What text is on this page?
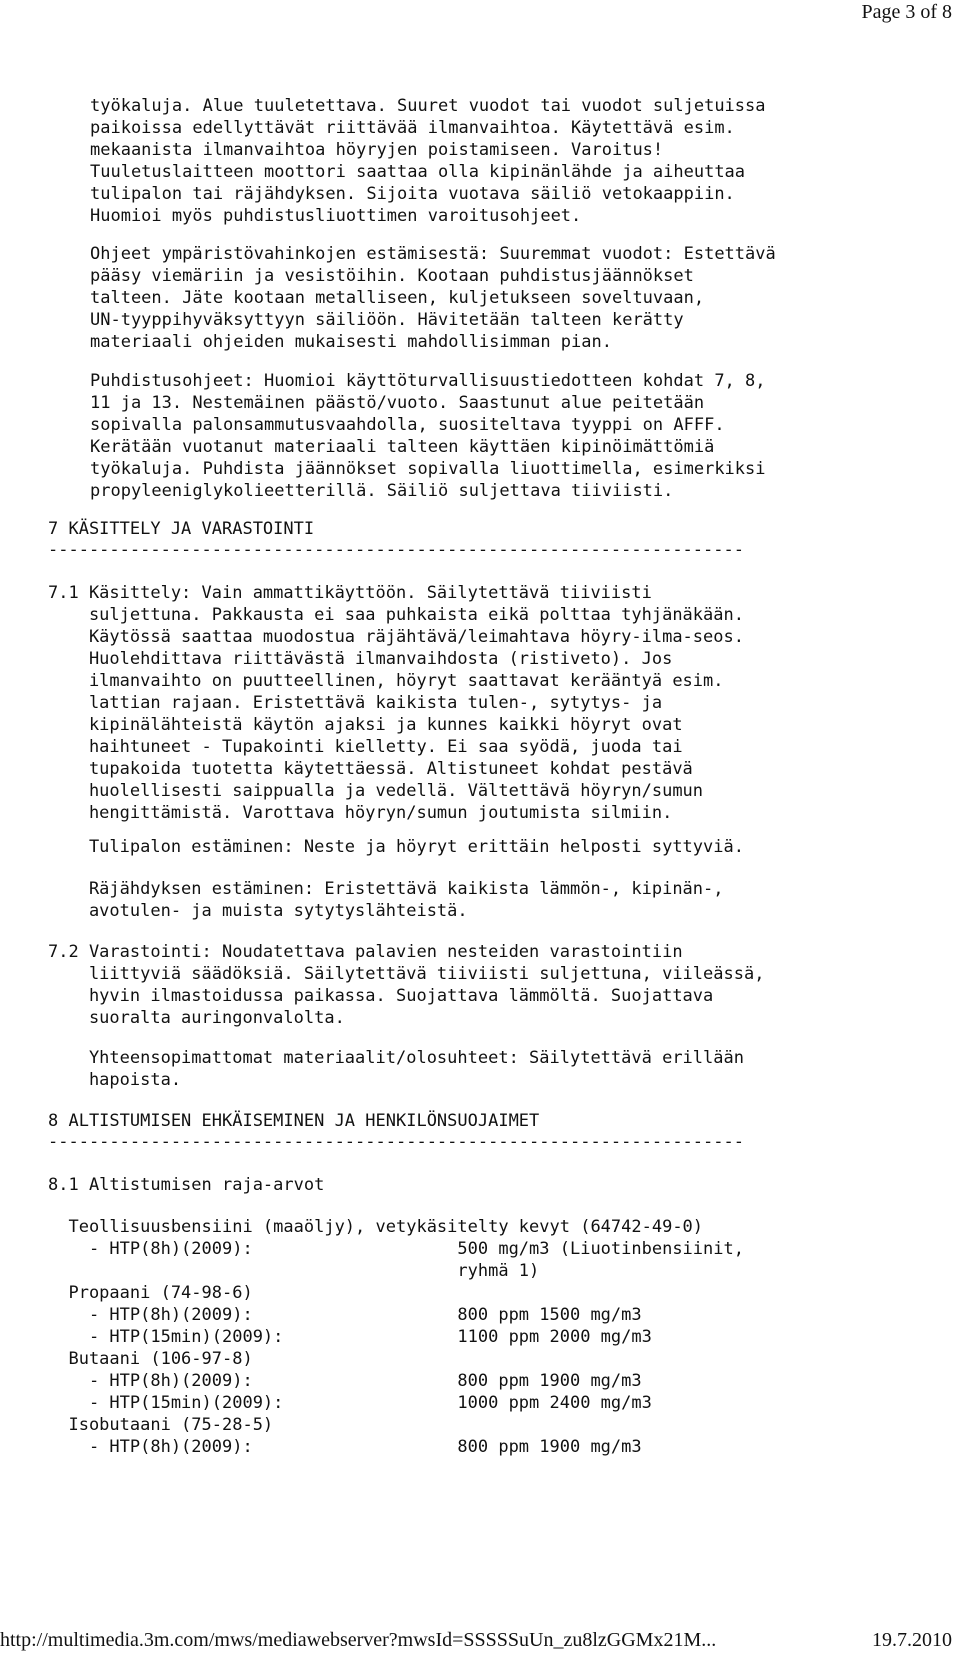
Page 3 of 8
työkaluja. Alue tuuletettava. Suuret vuodot tai vuodot suljetuissa
paikoissa edellyttävät riittävää ilmanvaihtoa. Käytettävä esim.
mekaanista ilmanvaihtoa höyryjen poistamiseen. Varoitus!
Tuuletuslaitteen moottori saattaa olla kipinänlähde ja aiheuttaa
tulipalon tai räjähdyksen. Sijoita vuotava säiliö vetokaappiin.
Huomioi myös puhdistusliuottimen varoitusohjeet.
Ohjeet ympäristövahinkojen estämisestä: Suuremmat vuodot: Estettävä
pääsy viemäriin ja vesistöihin. Kootaan puhdistusjäännökset
talteen. Jäte kootaan metalliseen, kuljetukseen soveltuvaan,
UN-tyyppihyväksyttyyn säiliöön. Hävitetään talteen kerätty
materiaali ohjeiden mukaisesti mahdollisimman pian.
Puhdistusohjeet: Huomioi käyttöturvallisuustiedotteen kohdat 7, 8,
11 ja 13. Nestemäinen päästö/vuoto. Saastunut alue peitetään
sopivalla palonsammutusvaahdolla, suositeltava tyyppi on AFFF.
Kerätään vuotanut materiaali talteen käyttäen kipinöimättömiä
työkaluja. Puhdista jäännökset sopivalla liuottimella, esimerkiksi
propyleeniglykolieetterillä. Säiliö suljettava tiiviisti.
7 KÄSITTELY JA VARASTOINTI
--------------------------------------------------------------------
7.1 Käsittely: Vain ammattikäyttöön. Säilytettävä tiiviisti
suljettuna. Pakkausta ei saa puhkaista eikä polttaa tyhjänäkään.
Käytössä saattaa muodostua räjähtävä/leimahtava höyry-ilma-seos.
Huolehdittava riittävästä ilmanvaihdosta (ristiveto). Jos
ilmanvaihto on puutteellinen, höyryt saattavat kerääntyä esim.
lattian rajaan. Eristettävä kaikista tulen-, sytytys- ja
kipinälähteistä käytön ajaksi ja kunnes kaikki höyryt ovat
haihtuneet - Tupakointi kielletty. Ei saa syödä, juoda tai
tupakoida tuotetta käytettäessä. Altistuneet kohdat pestävä
huolellisesti saippualla ja vedellä. Vältettävä höyryn/sumun
hengittämistä. Varottava höyryn/sumun joutumista silmiin.
Tulipalon estäminen: Neste ja höyryt erittäin helposti syttyviä.
Räjähdyksen estäminen: Eristettävä kaikista lämmön-, kipinän-,
avotulen- ja muista sytytyslähteistä.
7.2 Varastointi: Noudatettava palavien nesteiden varastointiin
liittyviä säädöksiä. Säilytettävä tiiviisti suljettuna, viileässä,
hyvin ilmastoidussa paikassa. Suojattava lämmöltä. Suojattava
suoralta auringonvalolta.
Yhteensopimattomat materiaalit/olosuhteet: Säilytettävä erillään
hapoista.
8 ALTISTUMISEN EHKÄISEMINEN JA HENKILÖNSUOJAIMET
--------------------------------------------------------------------
8.1 Altistumisen raja-arvot
Teollisuusbensiini (maaöljy), vetykäsitelty kevyt (64742-49-0)
- HTP(8h)(2009):                    500 mg/m3 (Liuotinbensiinit,
ryhmä 1)
Propaani (74-98-6)
- HTP(8h)(2009):                    800 ppm 1500 mg/m3
- HTP(15min)(2009):                 1100 ppm 2000 mg/m3
Butaani (106-97-8)
- HTP(8h)(2009):                    800 ppm 1900 mg/m3
- HTP(15min)(2009):                 1000 ppm 2400 mg/m3
Isobutaani (75-28-5)
- HTP(8h)(2009):                    800 ppm 1900 mg/m3
http://multimedia.3m.com/mws/mediawebserver?mwsId=SSSSSuUn_zu8lzGGMx21M...	19.7.2010
